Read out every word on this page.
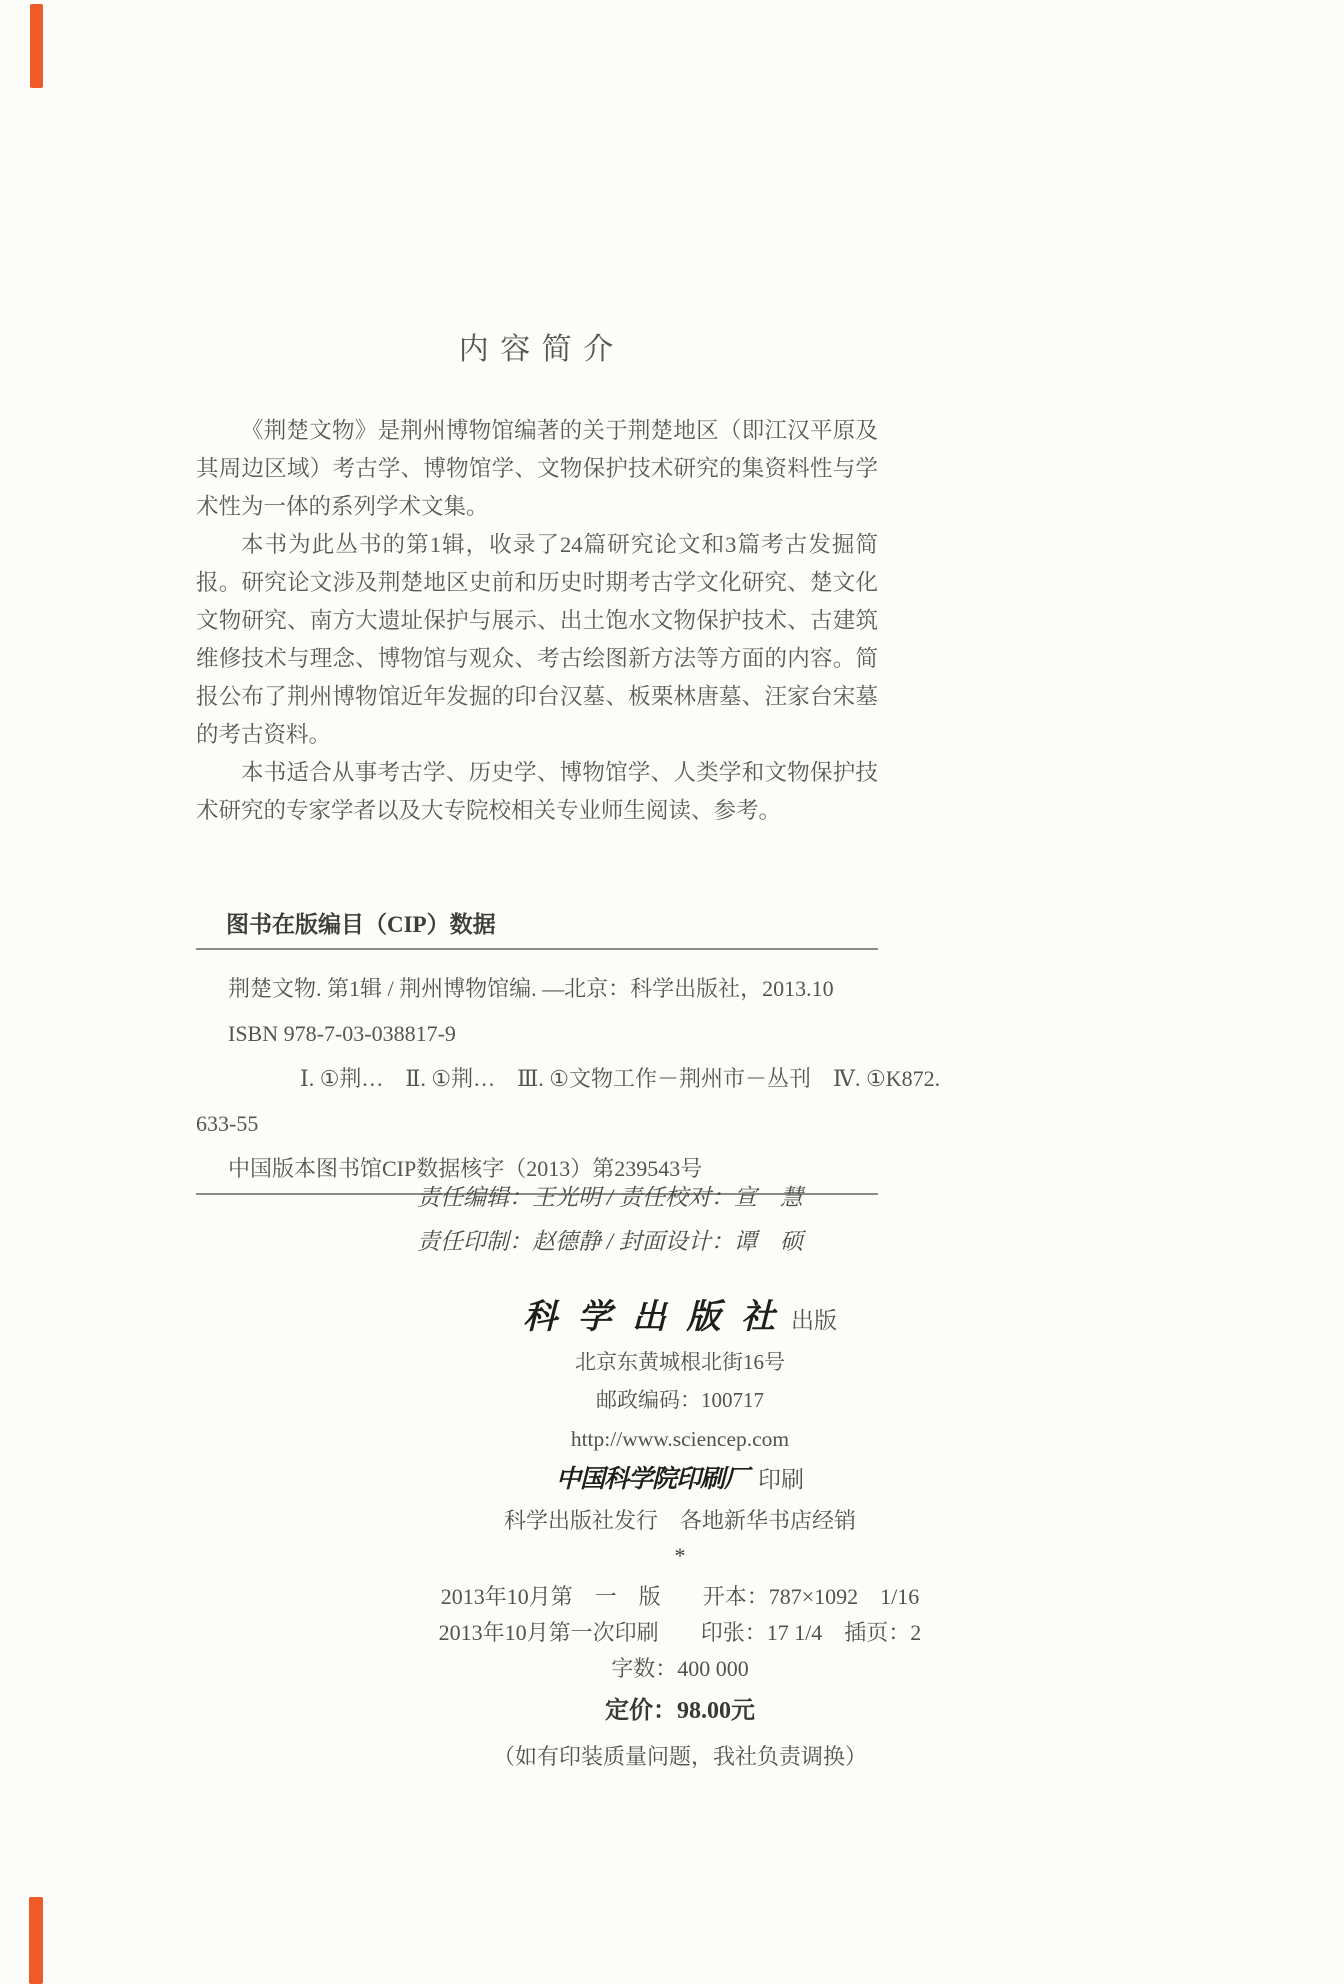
内 容 简 介

《荆楚文物》是荆州博物馆编著的关于荆楚地区（即江汉平原及其周边区域）考古学、博物馆学、文物保护技术研究的集资料性与学术性为一体的系列学术文集。

本书为此丛书的第1辑，收录了24篇研究论文和3篇考古发掘简报。研究论文涉及荆楚地区史前和历史时期考古学文化研究、楚文化文物研究、南方大遗址保护与展示、出土饱水文物保护技术、古建筑维修技术与理念、博物馆与观众、考古绘图新方法等方面的内容。简报公布了荆州博物馆近年发掘的印台汉墓、板栗林唐墓、汪家台宋墓的考古资料。

本书适合从事考古学、历史学、博物馆学、人类学和文物保护技术研究的专家学者以及大专院校相关专业师生阅读、参考。

图书在版编目（CIP）数据
荆楚文物. 第1辑 / 荆州博物馆编. —北京：科学出版社，2013.10
ISBN 978-7-03-038817-9
Ⅰ. ①荆…　Ⅱ. ①荆…　Ⅲ. ①文物工作－荆州市－丛刊　Ⅳ. ①K872.
633-55
中国版本图书馆CIP数据核字（2013）第239543号
责任编辑：王光明 / 责任校对：宣　慧
责任印制：赵德静 / 封面设计：谭　硕
科 学 出 版 社 出版
北京东黄城根北街16号
邮政编码：100717
http://www.sciencep.com
中国科学院印刷厂 印刷
科学出版社发行　各地新华书店经销
*
2013年10月第　一　版 开本：787×1092　1/16
2013年10月第一次印刷 印张：17 1/4　插页：2
字数：400 000
定价：98.00元
（如有印装质量问题，我社负责调换）
